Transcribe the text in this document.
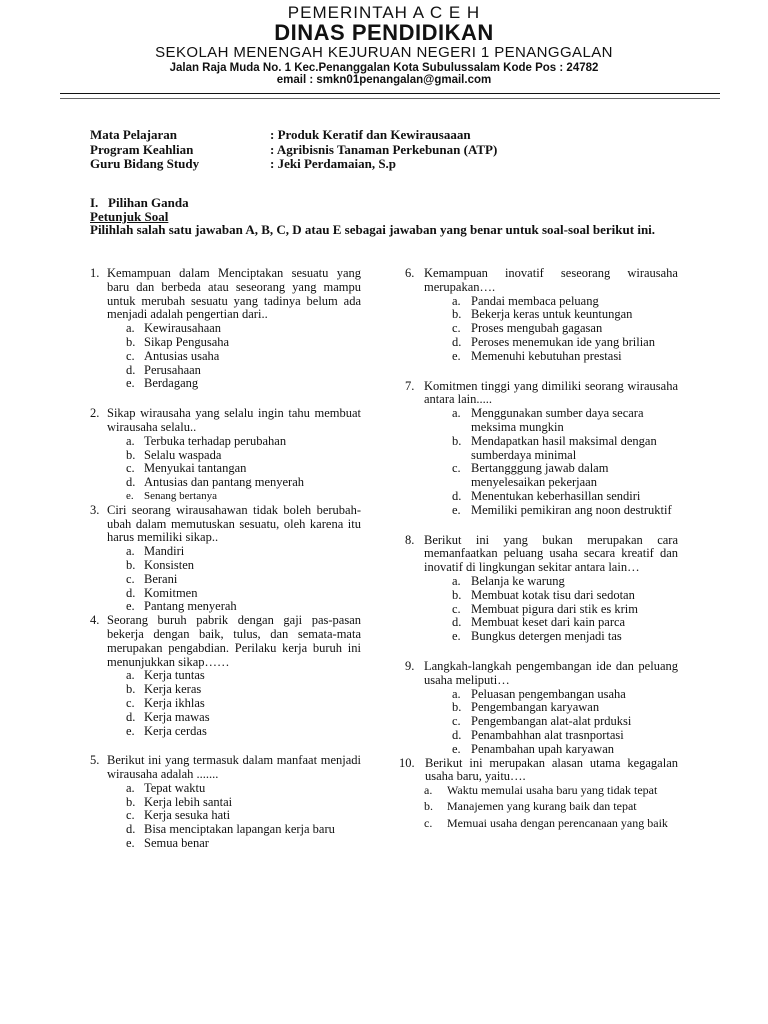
PEMERINTAH A C E H
DINAS PENDIDIKAN
SEKOLAH MENENGAH KEJURUAN NEGERI 1 PENANGGALAN
Jalan Raja Muda No. 1 Kec.Penanggalan Kota Subulussalam Kode Pos : 24782
email : smkn01penangalan@gmail.com
Mata Pelajaran	: Produk Keratif dan Kewirausaaan
Program Keahlian	: Agribisnis Tanaman Perkebunan (ATP)
Guru Bidang Study	: Jeki Perdamaian, S.p
I.   Pilihan Ganda
Petunjuk Soal
Pilihlah salah satu jawaban A, B, C, D atau E sebagai jawaban yang benar untuk soal-soal berikut ini.
1. Kemampuan dalam Menciptakan sesuatu yang baru dan berbeda atau seseorang yang mampu untuk merubah sesuatu yang tadinya belum ada menjadi adalah pengertian dari..
a. Kewirausahaan
b. Sikap Pengusaha
c. Antusias usaha
d. Perusahaan
e. Berdagang
2. Sikap wirausaha yang selalu ingin tahu membuat wirausaha selalu..
a. Terbuka terhadap perubahan
b. Selalu waspada
c. Menyukai tantangan
d. Antusias dan pantang menyerah
e. Senang bertanya
3. Ciri seorang wirausahawan tidak boleh berubah-ubah dalam memutuskan sesuatu, oleh karena itu harus memiliki sikap..
a. Mandiri
b. Konsisten
c. Berani
d. Komitmen
e. Pantang menyerah
4. Seorang buruh pabrik dengan gaji pas-pasan bekerja dengan baik, tulus, dan semata-mata merupakan pengabdian. Perilaku kerja buruh ini menunjukkan sikap……
a. Kerja tuntas
b. Kerja keras
c. Kerja ikhlas
d. Kerja mawas
e. Kerja cerdas
5. Berikut ini yang termasuk dalam manfaat menjadi wirausaha adalah .......
a. Tepat waktu
b. Kerja lebih santai
c. Kerja sesuka hati
d. Bisa menciptakan lapangan kerja baru
e. Semua benar
6. Kemampuan inovatif seseorang wirausaha merupakan….
a. Pandai membaca peluang
b. Bekerja keras untuk keuntungan
c. Proses mengubah gagasan
d. Peroses menemukan ide yang brilian
e. Memenuhi kebutuhan prestasi
7. Komitmen tinggi yang dimiliki seorang wirausaha antara lain.....
a. Menggunakan sumber daya secara meksima mungkin
b. Mendapatkan hasil maksimal dengan sumberdaya minimal
c. Bertangggung jawab dalam menyelesaikan pekerjaan
d. Menentukan keberhasillan sendiri
e. Memiliki pemikiran ang noon destruktif
8. Berikut ini yang bukan merupakan cara memanfaatkan peluang usaha secara kreatif dan inovatif di lingkungan sekitar antara lain…
a. Belanja ke warung
b. Membuat kotak tisu dari sedotan
c. Membuat pigura dari stik es krim
d. Membuat keset dari kain parca
e. Bungkus detergen menjadi tas
9. Langkah-langkah pengembangan ide dan peluang usaha meliputi…
a. Peluasan pengembangan usaha
b. Pengembangan karyawan
c. Pengembangan alat-alat prduksi
d. Penambahhan alat trasnportasi
e. Penambahan upah karyawan
10. Berikut ini merupakan alasan utama kegagalan usaha baru, yaitu….
a. Waktu memulai usaha baru yang tidak tepat
b. Manajemen yang kurang baik dan tepat
c. Memuai usaha dengan perencanaan yang baik
